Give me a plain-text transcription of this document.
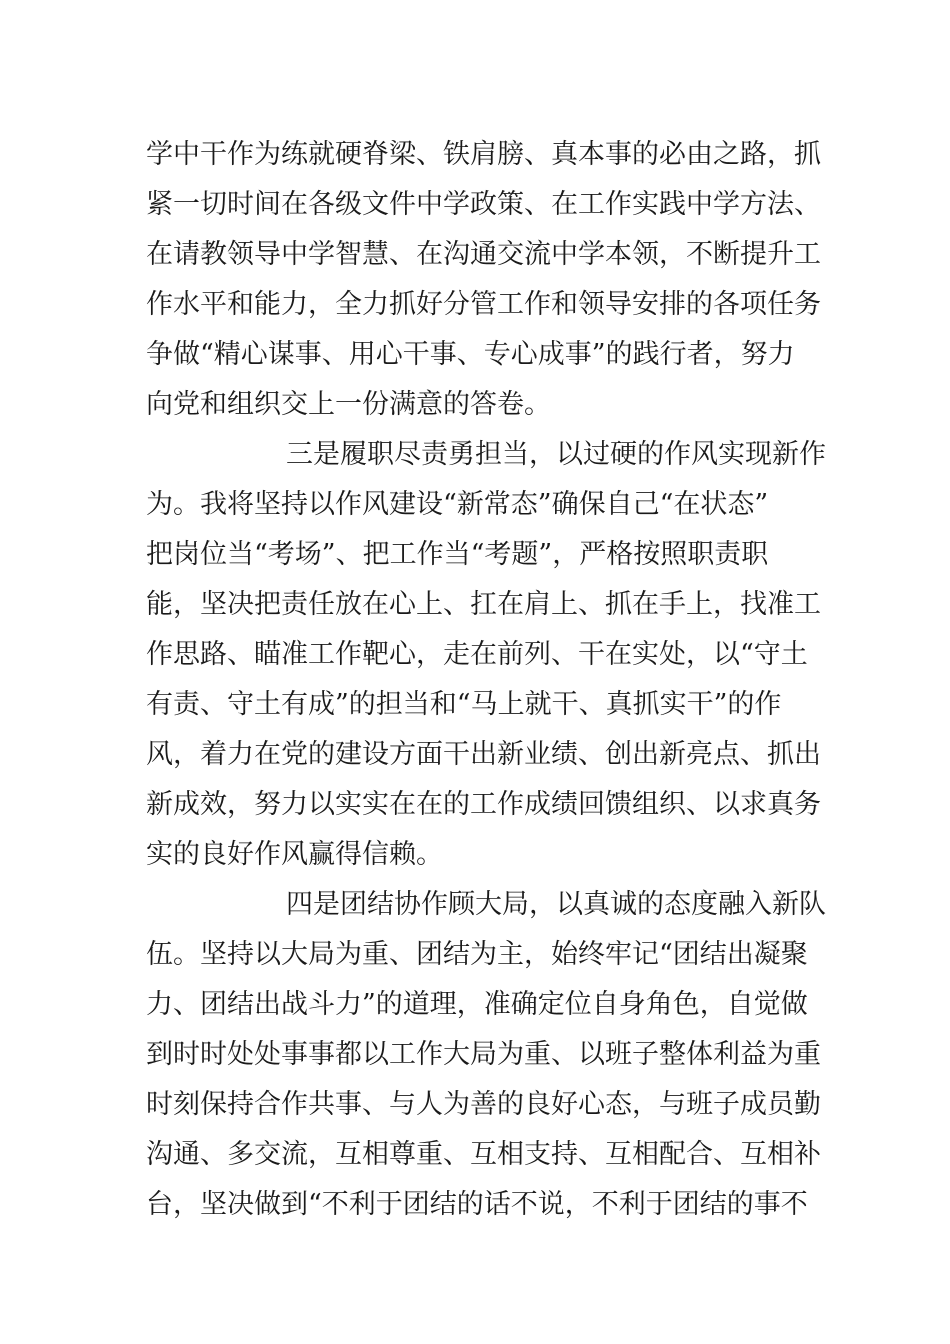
学中干作为练就硬脊梁、铁肩膀、真本事的必由之路，抓
紧一切时间在各级文件中学政策、在工作实践中学方法、
在请教领导中学智慧、在沟通交流中学本领，不断提升工
作水平和能力，全力抓好分管工作和领导安排的各项任务
争做“精心谋事、用心干事、专心成事”的践行者，努力
向党和组织交上一份满意的答卷。
三是履职尽责勇担当，以过硬的作风实现新作
为。我将坚持以作风建设“新常态”确保自己“在状态”
把岗位当“考场”、把工作当“考题”，严格按照职责职
能，坚决把责任放在心上、扛在肩上、抓在手上，找准工
作思路、瞄准工作靶心，走在前列、干在实处，以“守土
有责、守土有成”的担当和“马上就干、真抓实干”的作
风，着力在党的建设方面干出新业绩、创出新亮点、抓出
新成效，努力以实实在在的工作成绩回馈组织、以求真务
实的良好作风赢得信赖。
四是团结协作顾大局，以真诚的态度融入新队
伍。坚持以大局为重、团结为主，始终牢记“团结出凝聚
力、团结出战斗力”的道理，准确定位自身角色，自觉做
到时时处处事事都以工作大局为重、以班子整体利益为重
时刻保持合作共事、与人为善的良好心态，与班子成员勤
沟通、多交流，互相尊重、互相支持、互相配合、互相补
台，坚决做到“不利于团结的话不说，不利于团结的事不
